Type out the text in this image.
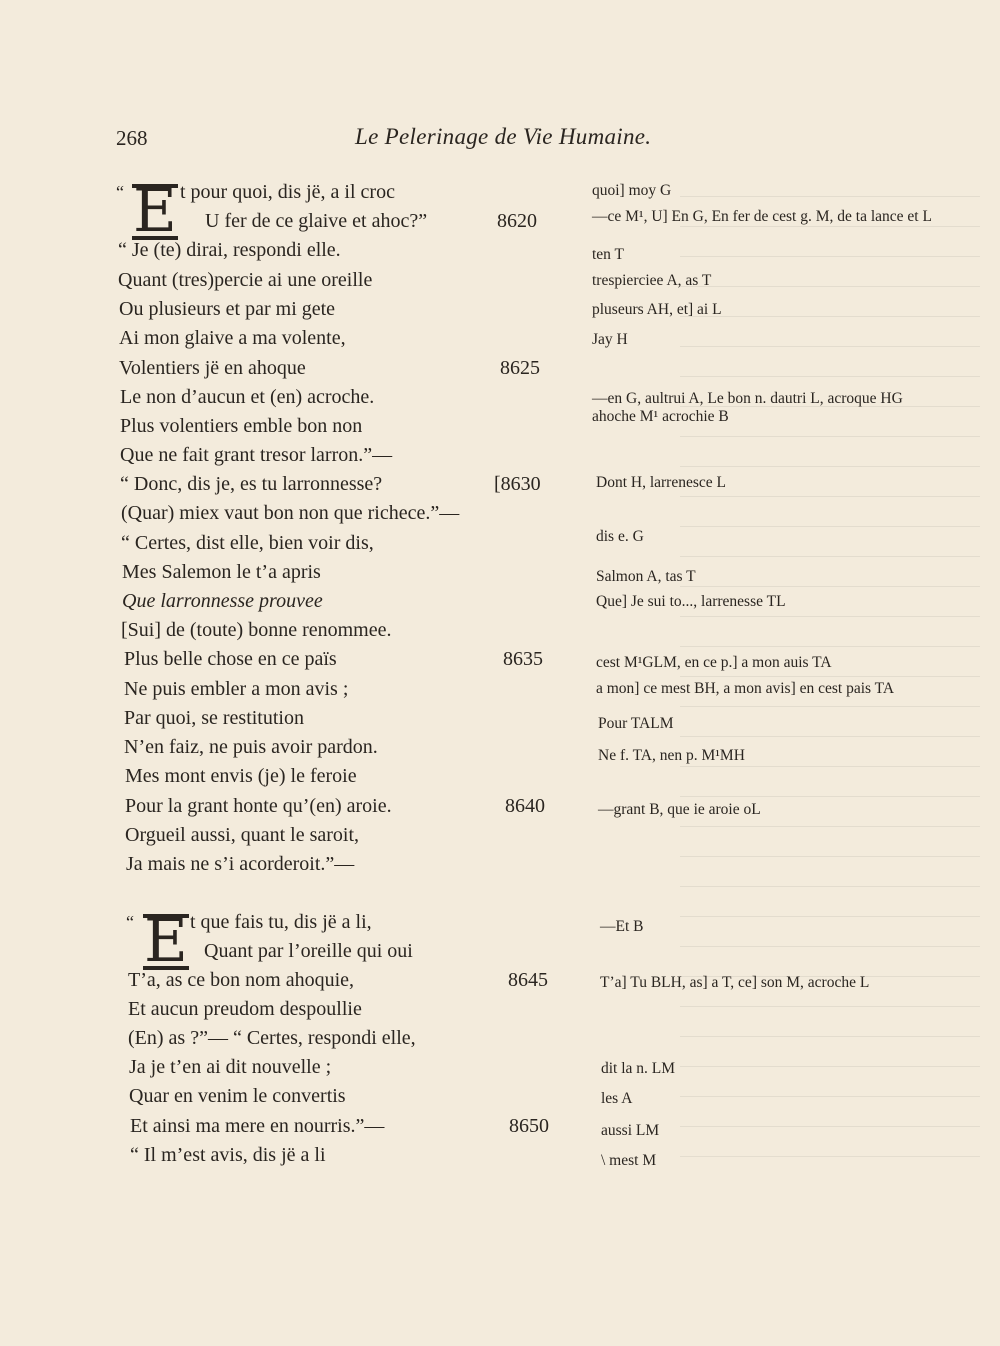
268	Le Pelerinage de Vie Humaine.
“ E t pour quoi, dis jë, a il croc
U fer de ce glaive et ahoc?”	8620
“ Je (te) dirai, respondi elle.
Quant (tres)percie ai une oreille
Ou plusieurs et par mi gete
Ai mon glaive a ma volente,
Volentiers jë en ahoque	8625
Le non d’aucun et (en) acroche.
Plus volentiers emble bon non
Que ne fait grant tresor larron.”—
“ Donc, dis je, es tu larronnesse?	[8630
(Quar) miex vaut bon non que richece.”—
“ Certes, dist elle, bien voir dis,
Mes Salemon le t’a apris
Que larronnesse prouvee
[Sui] de (toute) bonne renommee.
Plus belle chose en ce païs	8635
Ne puis embler a mon avis ;
Par quoi, se restitution
N’en faiz, ne puis avoir pardon.
Mes mont envis (je) le feroie
Pour la grant honte qu’(en) aroie.	8640
Orgueil aussi, quant le saroit,
Ja mais ne s’i acorderoit.”—
“ E t que fais tu, dis jë a li,
Quant par l’oreille qui oui
T’a, as ce bon nom ahoquie,	8645
Et aucun preudom despoullie
(En) as ?”— “ Certes, respondi elle,
Ja je t’en ai dit nouvelle ;
Quar en venim le convertis
Et ainsi ma mere en nourris.”—	8650
“ Il m’est avis, dis jë a li
quoi] moy G
—ce M¹, U] En G, En fer de cest g. M, de ta lance et L
ten T
trespierciee A, as T
pluseurs AH, et] ai L
Jay H
—en G, aultrui A, Le bon n. dautri L, acroque HG ahoche M¹ acrochie B
Dont H, larrenesce L
dis e. G
Salmon A, tas T
Que] Je sui to..., larrenesse TL
cest M¹GLM, en ce p.] a mon auis TA
a mon] ce mest BH, a mon avis] en cest pais TA
Pour TALM
Ne f. TA, nen p. M¹MH
—grant B, que ie aroie oL
—Et B
T’a] Tu BLH, as] a T, ce] son M, acroche L
dit la n. LM
les A
aussi LM
\ mest M
